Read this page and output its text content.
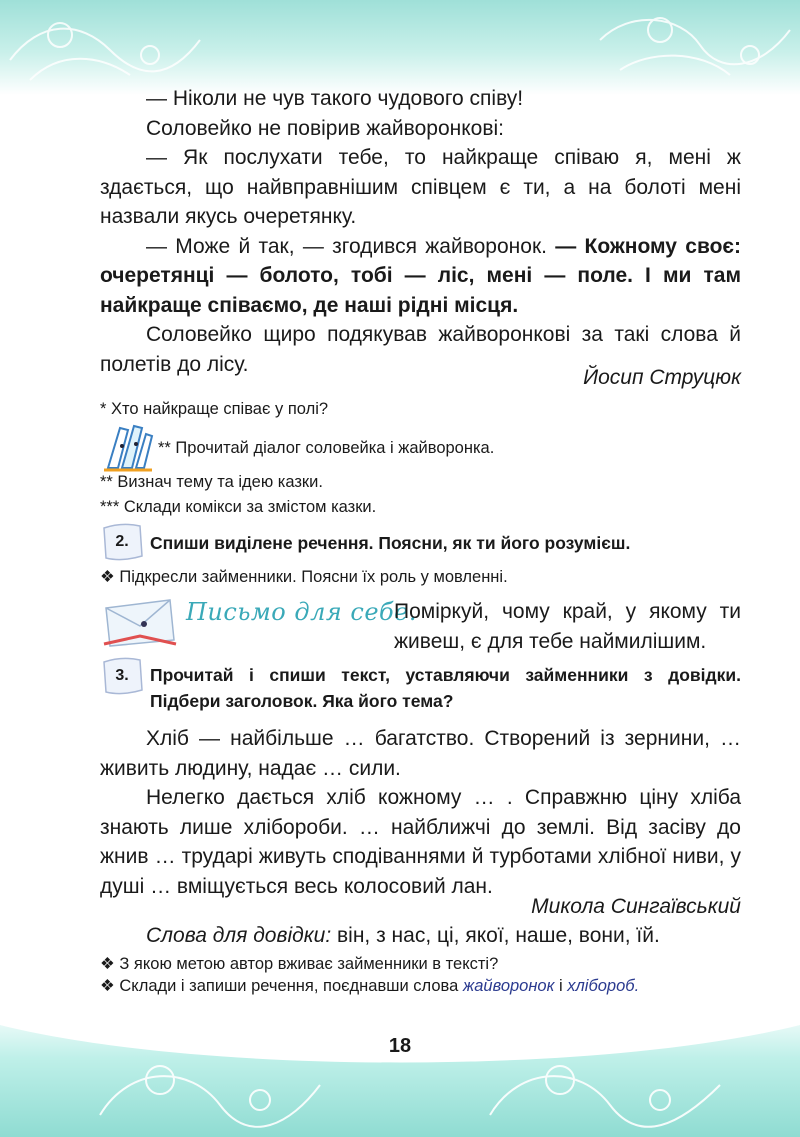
— Ніколи не чув такого чудового співу!

Соловейко не повірив жайворонкові:

— Як послухати тебе, то найкраще співаю я, мені ж здається, що найвправнішим співцем є ти, а на болоті мені назвали якусь очеретянку.

— Може й так, — згодився жайворонок. — Кожному своє: очеретянці — болото, тобі — ліс, мені — поле. І ми там найкраще співаємо, де наші рідні місця.

Соловейко щиро подякував жайворонкові за такі слова й полетів до лісу.

Йосип Струцюк
* Хто найкраще співає у полі?
** Прочитай діалог соловейка і жайворонка.
** Визнач тему та ідею казки.
*** Склади комікси за змістом казки.
2.	Спиши виділене речення. Поясни, як ти його розумієш.
❖ Підкресли займенники. Поясни їх роль у мовленні.
Письмо для себе.
Поміркуй, чому край, у якому ти живеш, є для тебе наймилішим.
3.	Прочитай і спиши текст, уставляючи займенники з довідки. Підбери заголовок. Яка його тема?

Хліб — найбільше … багатство. Створений із зернини, … живить людину, надає … сили.

Нелегко дається хліб кожному … . Справжню ціну хліба знають лише хлібороби. … найближчі до землі. Від засіву до жнив … трударі живуть сподіваннями й турботами хлібної ниви, у душі … вміщується весь колосовий лан.

Микола Сингаївський
Слова для довідки: він, з нас, ці, якої, наше, вони, їй.
❖ З якою метою автор вживає займенники в тексті?
❖ Склади і запиши речення, поєднавши слова жайворонок і хлібороб.
18
